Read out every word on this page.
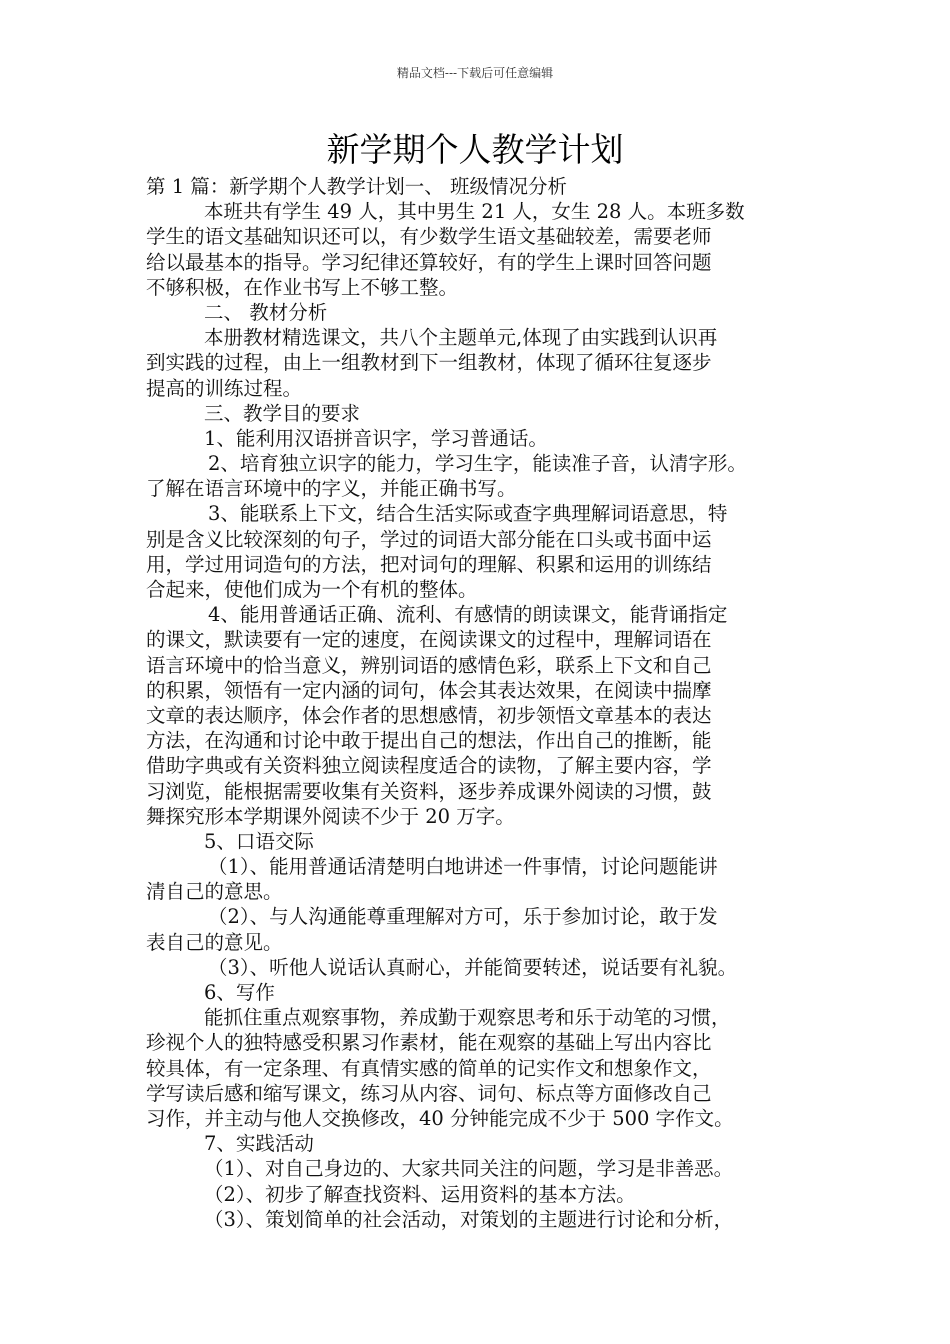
精品文档---下载后可任意编辑
新学期个人教学计划
第 1 篇：新学期个人教学计划一、 班级情况分析
本班共有学生 49 人，其中男生 21 人，女生 28 人。本班多数
学生的语文基础知识还可以，有少数学生语文基础较差，需要老师
给以最基本的指导。学习纪律还算较好，有的学生上课时回答问题
不够积极，在作业书写上不够工整。
二、 教材分析
本册教材精选课文，共八个主题单元,体现了由实践到认识再
到实践的过程，由上一组教材到下一组教材，体现了循环往复逐步
提高的训练过程。
三、教学目的要求
1、能利用汉语拼音识字，学习普通话。
2、培育独立识字的能力，学习生字，能读准子音，认清字形。
了解在语言环境中的字义，并能正确书写。
3、能联系上下文，结合生活实际或查字典理解词语意思，特
别是含义比较深刻的句子，学过的词语大部分能在口头或书面中运
用，学过用词造句的方法，把对词句的理解、积累和运用的训练结
合起来，使他们成为一个有机的整体。
4、能用普通话正确、流利、有感情的朗读课文，能背诵指定
的课文，默读要有一定的速度，在阅读课文的过程中，理解词语在
语言环境中的恰当意义，辨别词语的感情色彩，联系上下文和自己
的积累，领悟有一定内涵的词句，体会其表达效果，在阅读中揣摩
文章的表达顺序，体会作者的思想感情，初步领悟文章基本的表达
方法，在沟通和讨论中敢于提出自己的想法，作出自己的推断，能
借助字典或有关资料独立阅读程度适合的读物，了解主要内容，学
习浏览，能根据需要收集有关资料，逐步养成课外阅读的习惯，鼓
舞探究形本学期课外阅读不少于 20 万字。
5、口语交际
（1）、能用普通话清楚明白地讲述一件事情，讨论问题能讲
清自己的意思。
（2）、与人沟通能尊重理解对方可，乐于参加讨论，敢于发
表自己的意见。
（3）、听他人说话认真耐心，并能简要转述，说话要有礼貌。
6、写作
能抓住重点观察事物，养成勤于观察思考和乐于动笔的习惯，
珍视个人的独特感受积累习作素材，能在观察的基础上写出内容比
较具体，有一定条理、有真情实感的简单的记实作文和想象作文，
学写读后感和缩写课文，练习从内容、词句、标点等方面修改自己
习作，并主动与他人交换修改，40 分钟能完成不少于 500 字作文。
7、实践活动
（1）、对自己身边的、大家共同关注的问题，学习是非善恶。
（2）、初步了解查找资料、运用资料的基本方法。
（3）、策划简单的社会活动，对策划的主题进行讨论和分析，
